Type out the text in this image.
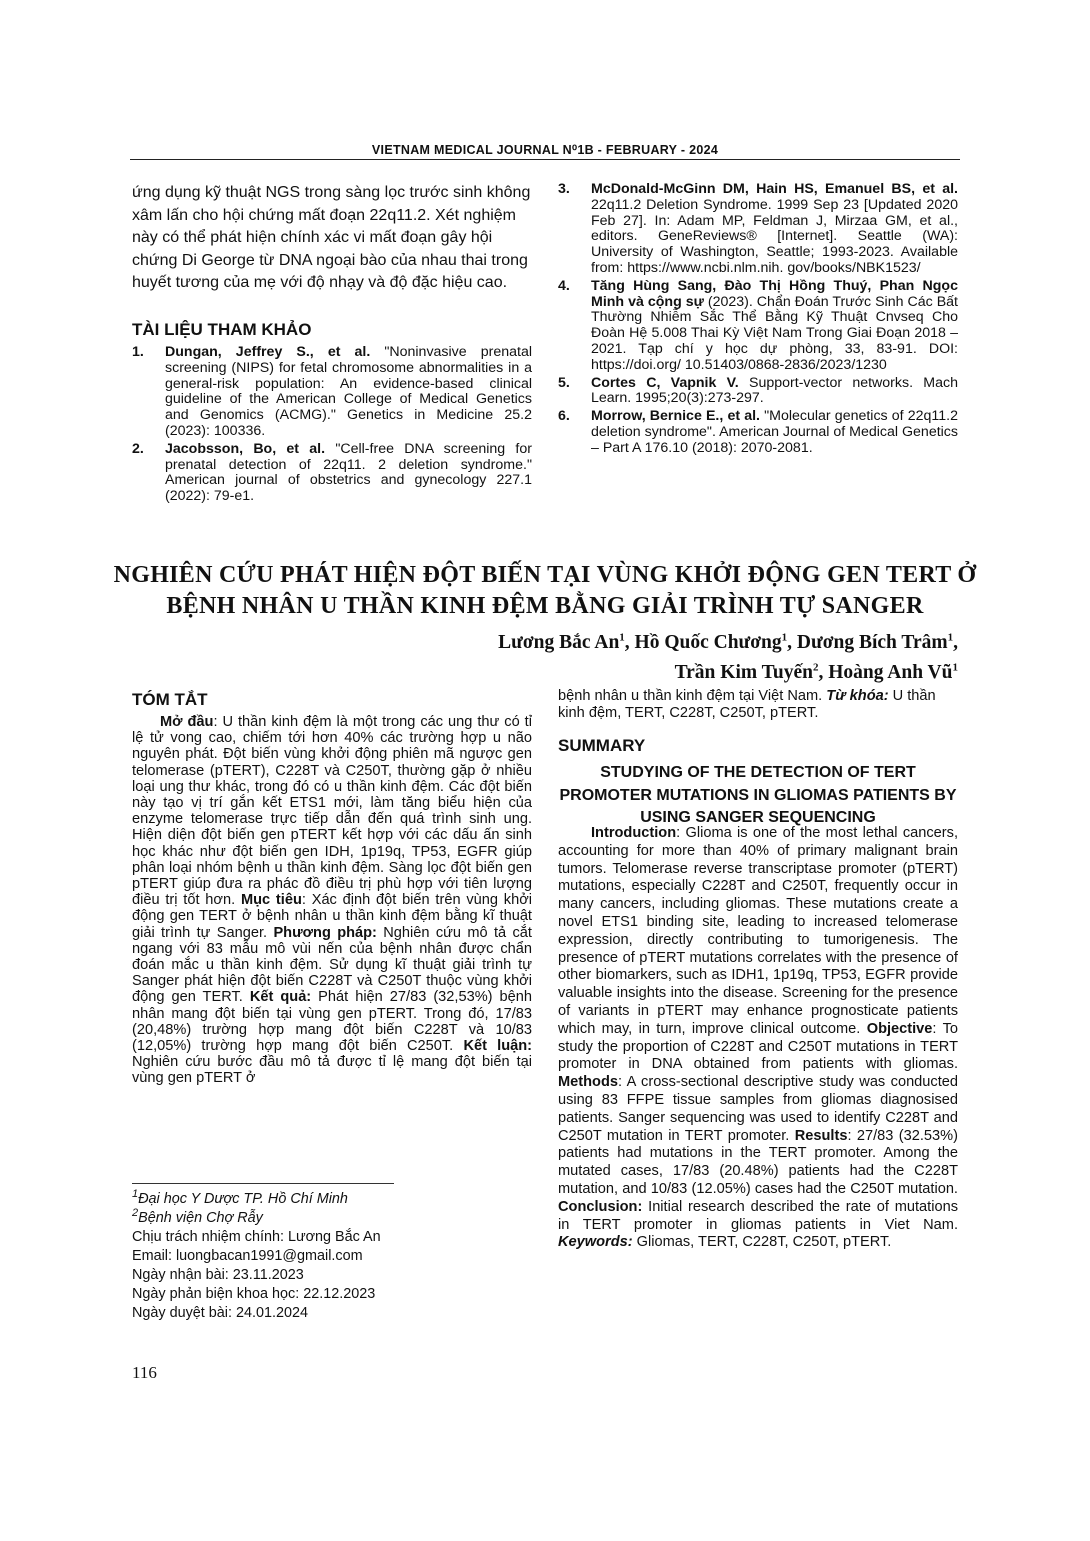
VIETNAM MEDICAL JOURNAL N⁰1B - FEBRUARY - 2024
ứng dụng kỹ thuật NGS trong sàng lọc trước sinh không xâm lấn cho hội chứng mất đoạn 22q11.2. Xét nghiệm này có thể phát hiện chính xác vi mất đoạn gây hội chứng Di George từ DNA ngoại bào của nhau thai trong huyết tương của mẹ với độ nhạy và độ đặc hiệu cao.
TÀI LIỆU THAM KHẢO
1. Dungan, Jeffrey S., et al. "Noninvasive prenatal screening (NIPS) for fetal chromosome abnormalities in a general-risk population: An evidence-based clinical guideline of the American College of Medical Genetics and Genomics (ACMG)." Genetics in Medicine 25.2 (2023): 100336.
2. Jacobsson, Bo, et al. "Cell-free DNA screening for prenatal detection of 22q11. 2 deletion syndrome." American journal of obstetrics and gynecology 227.1 (2022): 79-e1.
3. McDonald-McGinn DM, Hain HS, Emanuel BS, et al. 22q11.2 Deletion Syndrome. 1999 Sep 23 [Updated 2020 Feb 27]. In: Adam MP, Feldman J, Mirzaa GM, et al., editors. GeneReviews® [Internet]. Seattle (WA): University of Washington, Seattle; 1993-2023. Available from: https://www.ncbi.nlm.nih. gov/books/NBK1523/
4. Tăng Hùng Sang, Đào Thị Hồng Thuý, Phan Ngọc Minh và cộng sự (2023). Chẩn Đoán Trước Sinh Các Bất Thường Nhiễm Sắc Thể Bằng Kỹ Thuật Cnvseq Cho Đoàn Hệ 5.008 Thai Kỳ Việt Nam Trong Giai Đoạn 2018 – 2021. Tạp chí y học dự phòng, 33, 83-91. DOI: https://doi.org/ 10.51403/0868-2836/2023/1230
5. Cortes C, Vapnik V. Support-vector networks. Mach Learn. 1995;20(3):273-297.
6. Morrow, Bernice E., et al. "Molecular genetics of 22q11.2 deletion syndrome". American Journal of Medical Genetics – Part A 176.10 (2018): 2070-2081.
NGHIÊN CỨU PHÁT HIỆN ĐỘT BIẾN TẠI VÙNG KHỞI ĐỘNG GEN TERT Ở BỆNH NHÂN U THẦN KINH ĐỆM BẰNG GIẢI TRÌNH TỰ SANGER
Lương Bắc An$^1$, Hồ Quốc Chương$^1$, Dương Bích Trâm$^1$,
Trần Kim Tuyến$^2$, Hoàng Anh $Vũ^1$
TÓM TẮT
Mở đầu: U thần kinh đệm là một trong các ung thư có tỉ lệ tử vong cao, chiếm tới hơn 40% các trường hợp u não nguyên phát. Đột biến vùng khởi động phiên mã ngược gen telomerase (pTERT), C228T và C250T, thường gặp ở nhiều loại ung thư khác, trong đó có u thần kinh đệm. Các đột biến này tạo vị trí gắn kết ETS1 mới, làm tăng biểu hiện của enzyme telomerase trực tiếp dẫn đến quá trình sinh ung. Hiện diện đột biến gen pTERT kết hợp với các dấu ấn sinh học khác như đột biến gen IDH, 1p19q, TP53, EGFR giúp phân loại nhóm bệnh u thần kinh đệm. Sàng lọc đột biến gen pTERT giúp đưa ra phác đồ điều trị phù hợp với tiên lượng điều trị tốt hơn. Mục tiêu: Xác định đột biến trên vùng khởi động gen TERT ở bệnh nhân u thần kinh đệm bằng kĩ thuật giải trình tự Sanger. Phương pháp: Nghiên cứu mô tả cắt ngang với 83 mẫu mô vùi nến của bệnh nhân được chẩn đoán mắc u thần kinh đệm. Sử dụng kĩ thuật giải trình tự Sanger phát hiện đột biến C228T và C250T thuộc vùng khởi động gen TERT. Kết quả: Phát hiện 27/83 (32,53%) bệnh nhân mang đột biến tại vùng gen pTERT. Trong đó, 17/83 (20,48%) trường hợp mang đột biến C228T và 10/83 (12,05%) trường hợp mang đột biến C250T. Kết luận: Nghiên cứu bước đầu mô tả được tỉ lệ mang đột biến tại vùng gen pTERT ở
$^1$Đại học Y Dược TP. Hồ Chí Minh
$^2$Bệnh viện Chợ Rẫy
Chịu trách nhiệm chính: Lương Bắc An
Email: luongbacan1991@gmail.com
Ngày nhận bài: 23.11.2023
Ngày phản biện khoa học: 22.12.2023
Ngày duyệt bài: 24.01.2024
bệnh nhân u thần kinh đệm tại Việt Nam. Từ khóa: U thần kinh đệm, TERT, C228T, C250T, pTERT.
SUMMARY
STUDYING OF THE DETECTION OF TERT PROMOTER MUTATIONS IN GLIOMAS PATIENTS BY USING SANGER SEQUENCING
Introduction: Glioma is one of the most lethal cancers, accounting for more than 40% of primary malignant brain tumors. Telomerase reverse transcriptase promoter (pTERT) mutations, especially C228T and C250T, frequently occur in many cancers, including gliomas. These mutations create a novel ETS1 binding site, leading to increased telomerase expression, directly contributing to tumorigenesis. The presence of pTERT mutations correlates with the presence of other biomarkers, such as IDH1, 1p19q, TP53, EGFR provide valuable insights into the disease. Screening for the presence of variants in pTERT may enhance prognosticate patients which may, in turn, improve clinical outcome. Objective: To study the proportion of C228T and C250T mutations in TERT promoter in DNA obtained from patients with gliomas. Methods: A cross-sectional descriptive study was conducted using 83 FFPE tissue samples from gliomas diagnosised patients. Sanger sequencing was used to identify C228T and C250T mutation in TERT promoter. Results: 27/83 (32.53%) patients had mutations in the TERT promoter. Among the mutated cases, 17/83 (20.48%) patients had the C228T mutation, and 10/83 (12.05%) cases had the C250T mutation. Conclusion: Initial research described the rate of mutations in TERT promoter in gliomas patients in Viet Nam. Keywords: Gliomas, TERT, C228T, C250T, pTERT.
116
